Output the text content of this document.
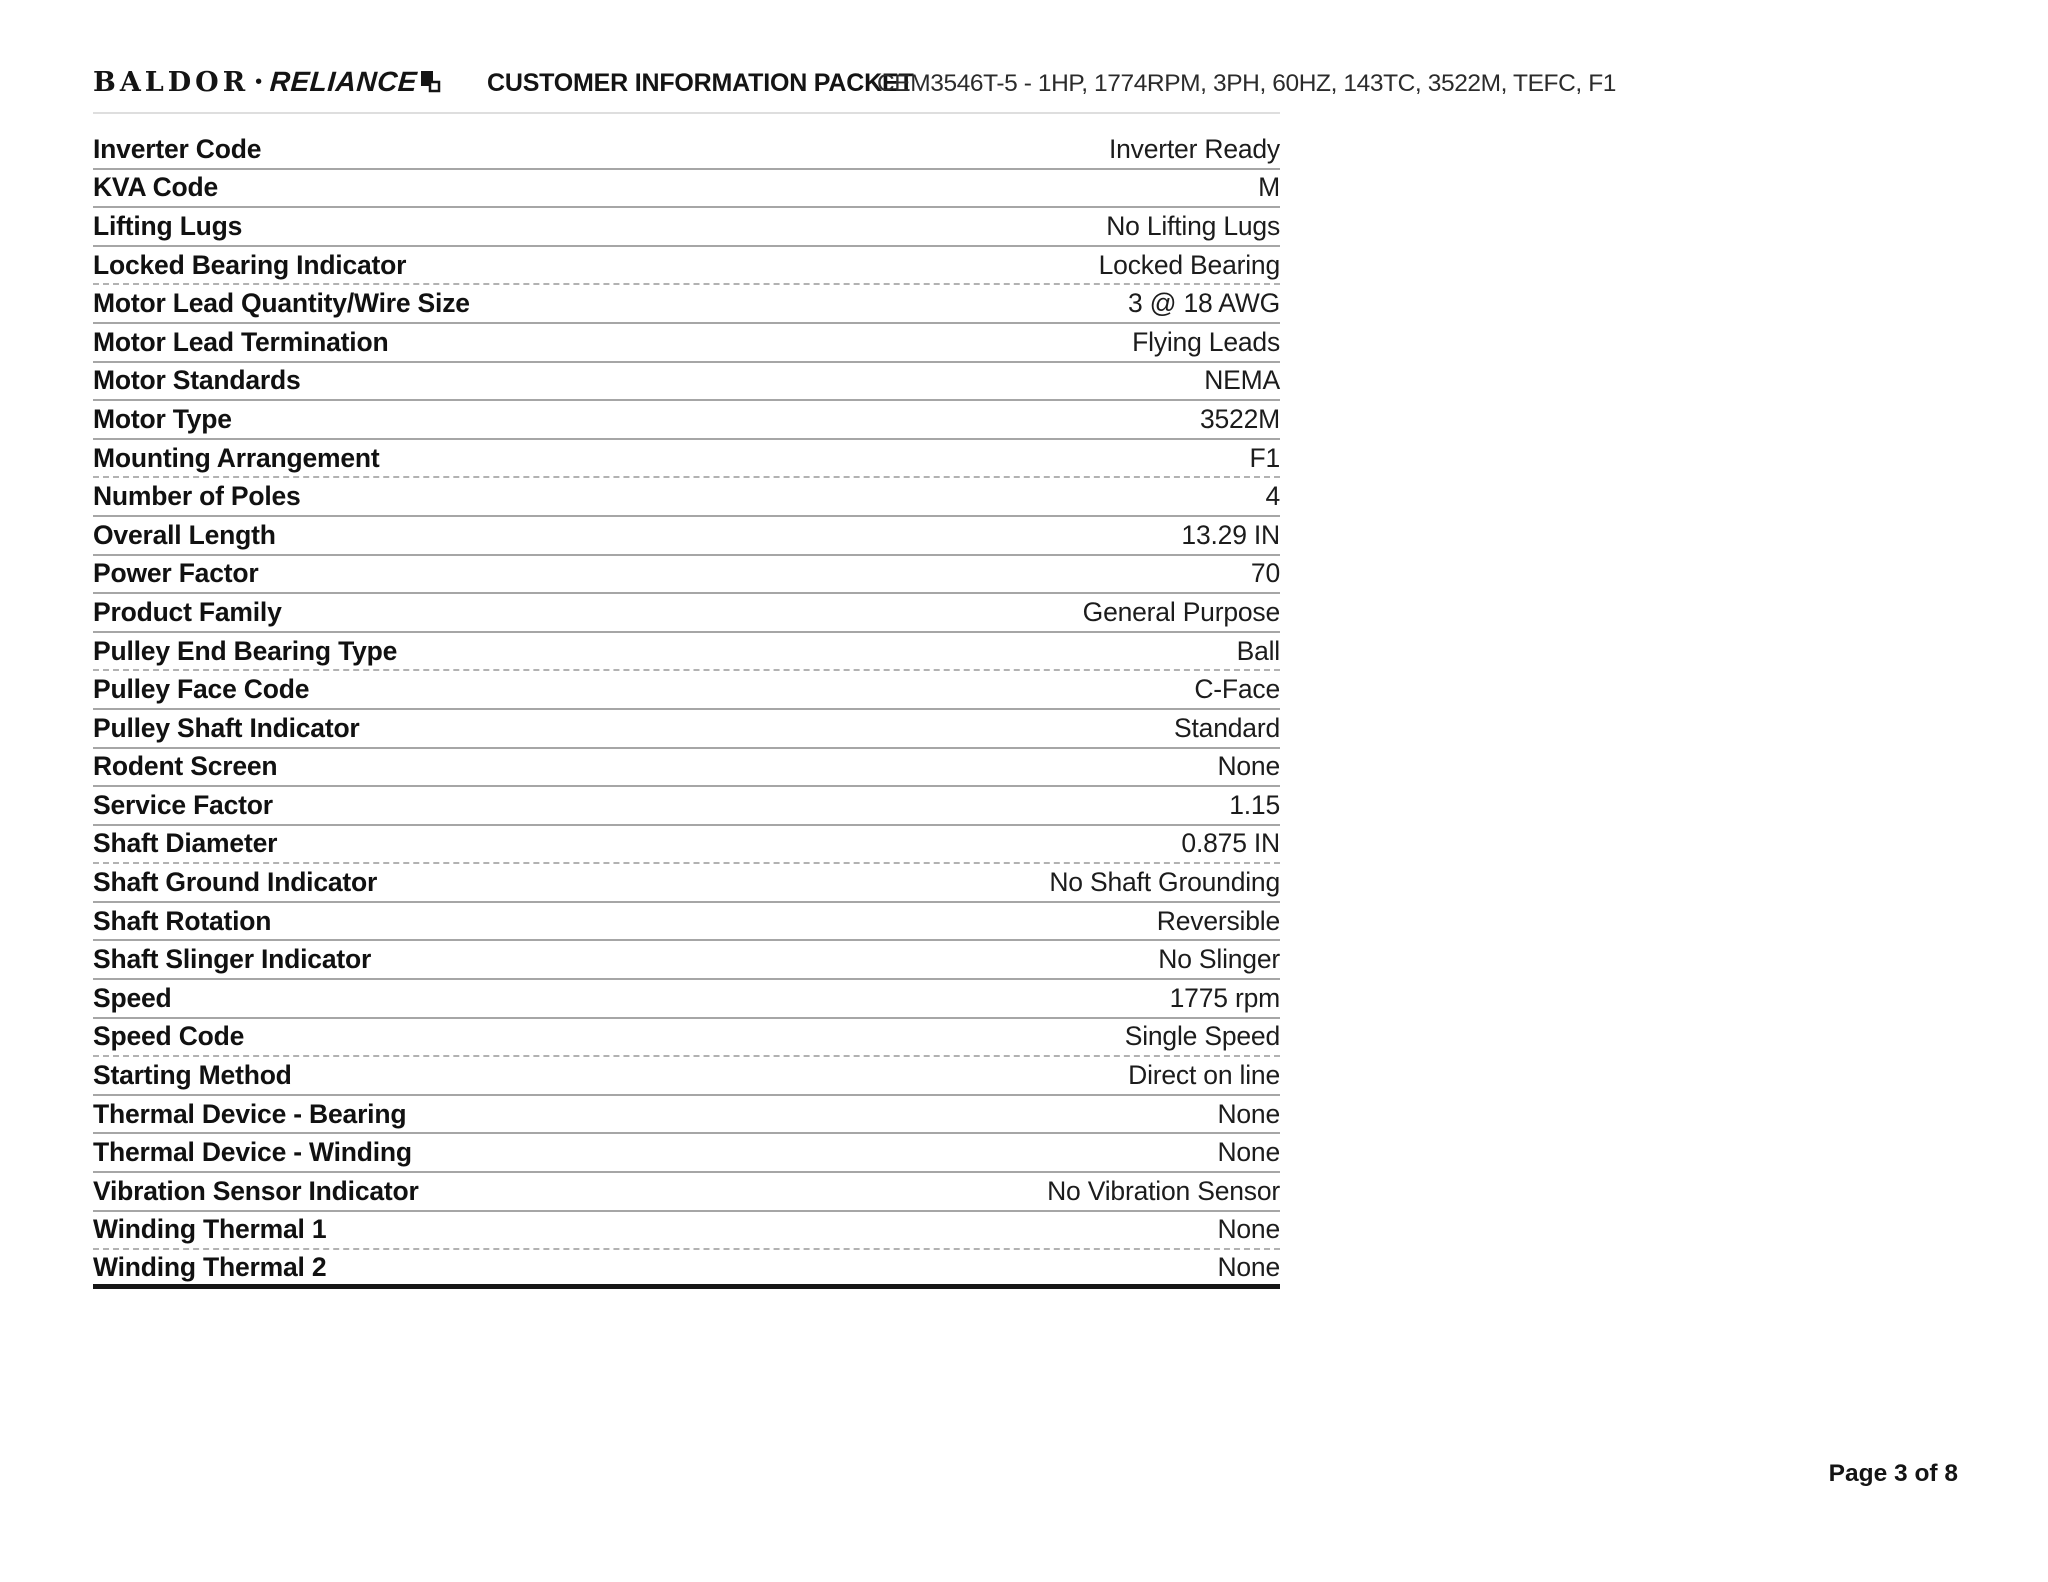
BALDOR • RELIANCE	CUSTOMER INFORMATION PACKET
CEM3546T-5 - 1HP, 1774RPM, 3PH, 60HZ, 143TC, 3522M, TEFC, F1
Inverter Code	Inverter Ready
KVA Code	M
Lifting Lugs	No Lifting Lugs
Locked Bearing Indicator	Locked Bearing
Motor Lead Quantity/Wire Size	3 @ 18 AWG
Motor Lead Termination	Flying Leads
Motor Standards	NEMA
Motor Type	3522M
Mounting Arrangement	F1
Number of Poles	4
Overall Length	13.29 IN
Power Factor	70
Product Family	General Purpose
Pulley End Bearing Type	Ball
Pulley Face Code	C-Face
Pulley Shaft Indicator	Standard
Rodent Screen	None
Service Factor	1.15
Shaft Diameter	0.875 IN
Shaft Ground Indicator	No Shaft Grounding
Shaft Rotation	Reversible
Shaft Slinger Indicator	No Slinger
Speed	1775 rpm
Speed Code	Single Speed
Starting Method	Direct on line
Thermal Device - Bearing	None
Thermal Device - Winding	None
Vibration Sensor Indicator	No Vibration Sensor
Winding Thermal 1	None
Winding Thermal 2	None
Page 3 of 8
